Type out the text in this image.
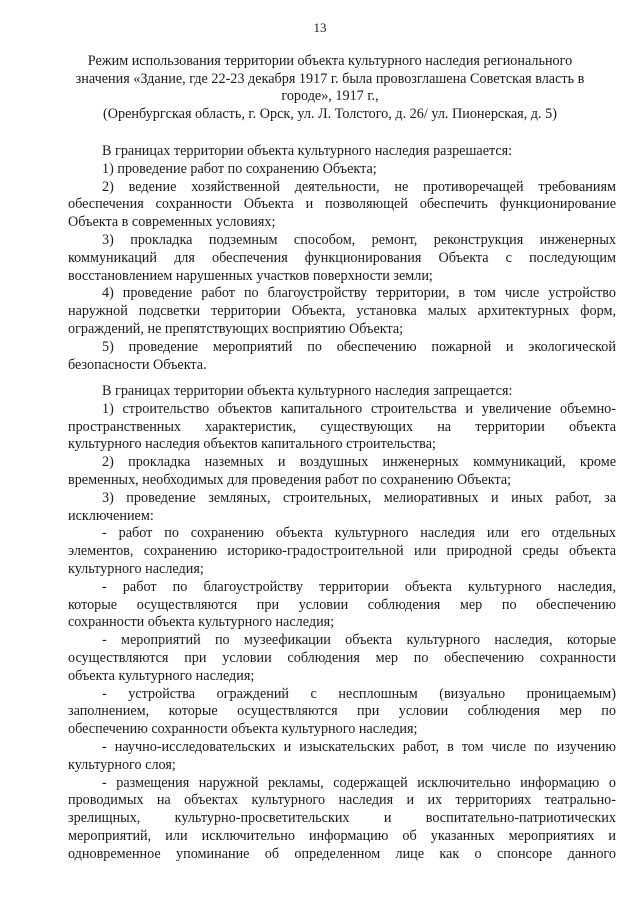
13
Режим использования территории объекта культурного наследия регионального
значения «Здание, где 22-23 декабря 1917 г. была провозглашена Советская власть в
городе», 1917 г.,
(Оренбургская область, г. Орск, ул. Л. Толстого, д. 26/ ул. Пионерская, д. 5)
В границах территории объекта культурного наследия разрешается:
1) проведение работ по сохранению Объекта;
2) ведение хозяйственной деятельности, не противоречащей требованиям
обеспечения сохранности Объекта и позволяющей обеспечить функционирование
Объекта в современных условиях;
3) прокладка подземным способом, ремонт, реконструкция инженерных
коммуникаций для обеспечения функционирования Объекта с последующим
восстановлением нарушенных участков поверхности земли;
4) проведение работ по благоустройству территории, в том числе устройство
наружной подсветки территории Объекта, установка малых архитектурных форм,
ограждений, не препятствующих восприятию Объекта;
5) проведение мероприятий по обеспечению пожарной и экологической
безопасности Объекта.
В границах территории объекта культурного наследия запрещается:
1) строительство объектов капитального строительства и увеличение объемно-
пространственных характеристик, существующих на территории объекта
культурного наследия объектов капитального строительства;
2) прокладка наземных и воздушных инженерных коммуникаций, кроме
временных, необходимых для проведения работ по сохранению Объекта;
3) проведение земляных, строительных, мелиоративных и иных работ, за
исключением:
- работ по сохранению объекта культурного наследия или его отдельных
элементов, сохранению историко-градостроительной или природной среды объекта
культурного наследия;
- работ по благоустройству территории объекта культурного наследия,
которые осуществляются при условии соблюдения мер по обеспечению
сохранности объекта культурного наследия;
- мероприятий по музеефикации объекта культурного наследия, которые
осуществляются при условии соблюдения мер по обеспечению сохранности
объекта культурного наследия;
- устройства ограждений с несплошным (визуально проницаемым)
заполнением, которые осуществляются при условии соблюдения мер по
обеспечению сохранности объекта культурного наследия;
- научно-исследовательских и изыскательских работ, в том числе по изучению
культурного слоя;
- размещения наружной рекламы, содержащей исключительно информацию о
проводимых на объектах культурного наследия и их территориях театрально-
зрелищных, культурно-просветительских и воспитательно-патриотических
мероприятий, или исключительно информацию об указанных мероприятиях и
одновременное упоминание об определенном лице как о спонсоре данного
